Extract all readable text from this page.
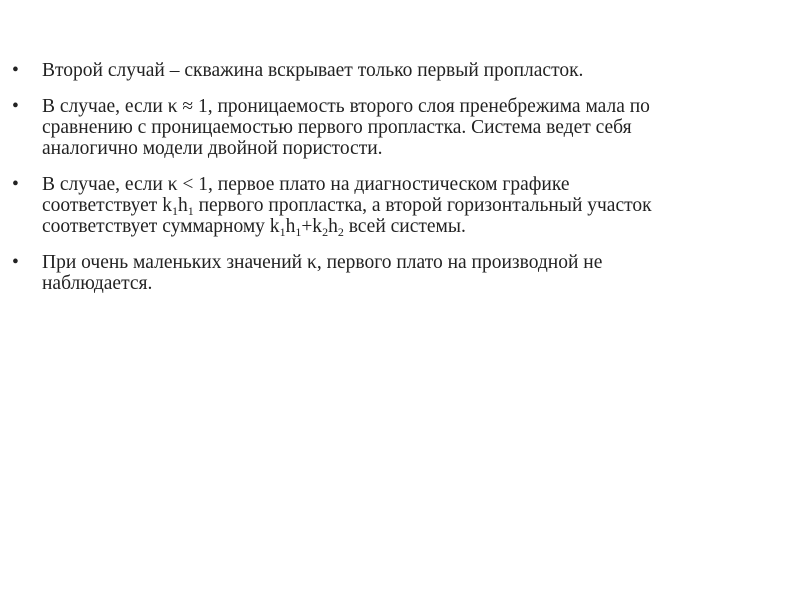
•	Второй случай – скважина вскрывает только первый пропласток.
•	В случае, если κ ≈ 1, проницаемость второго слоя пренебрежима мала по
сравнению с проницаемостью первого пропластка. Система ведет себя
аналогично модели двойной пористости.
•	В случае, если κ < 1, первое плато на диагностическом графике
соответствует $k_1h_1$ первого пропластка, а второй горизонтальный участок
соответствует суммарному $k_1h_1+k_2h_2$ всей системы.
•	При очень маленьких значений κ, первого плато на производной не
наблюдается.
